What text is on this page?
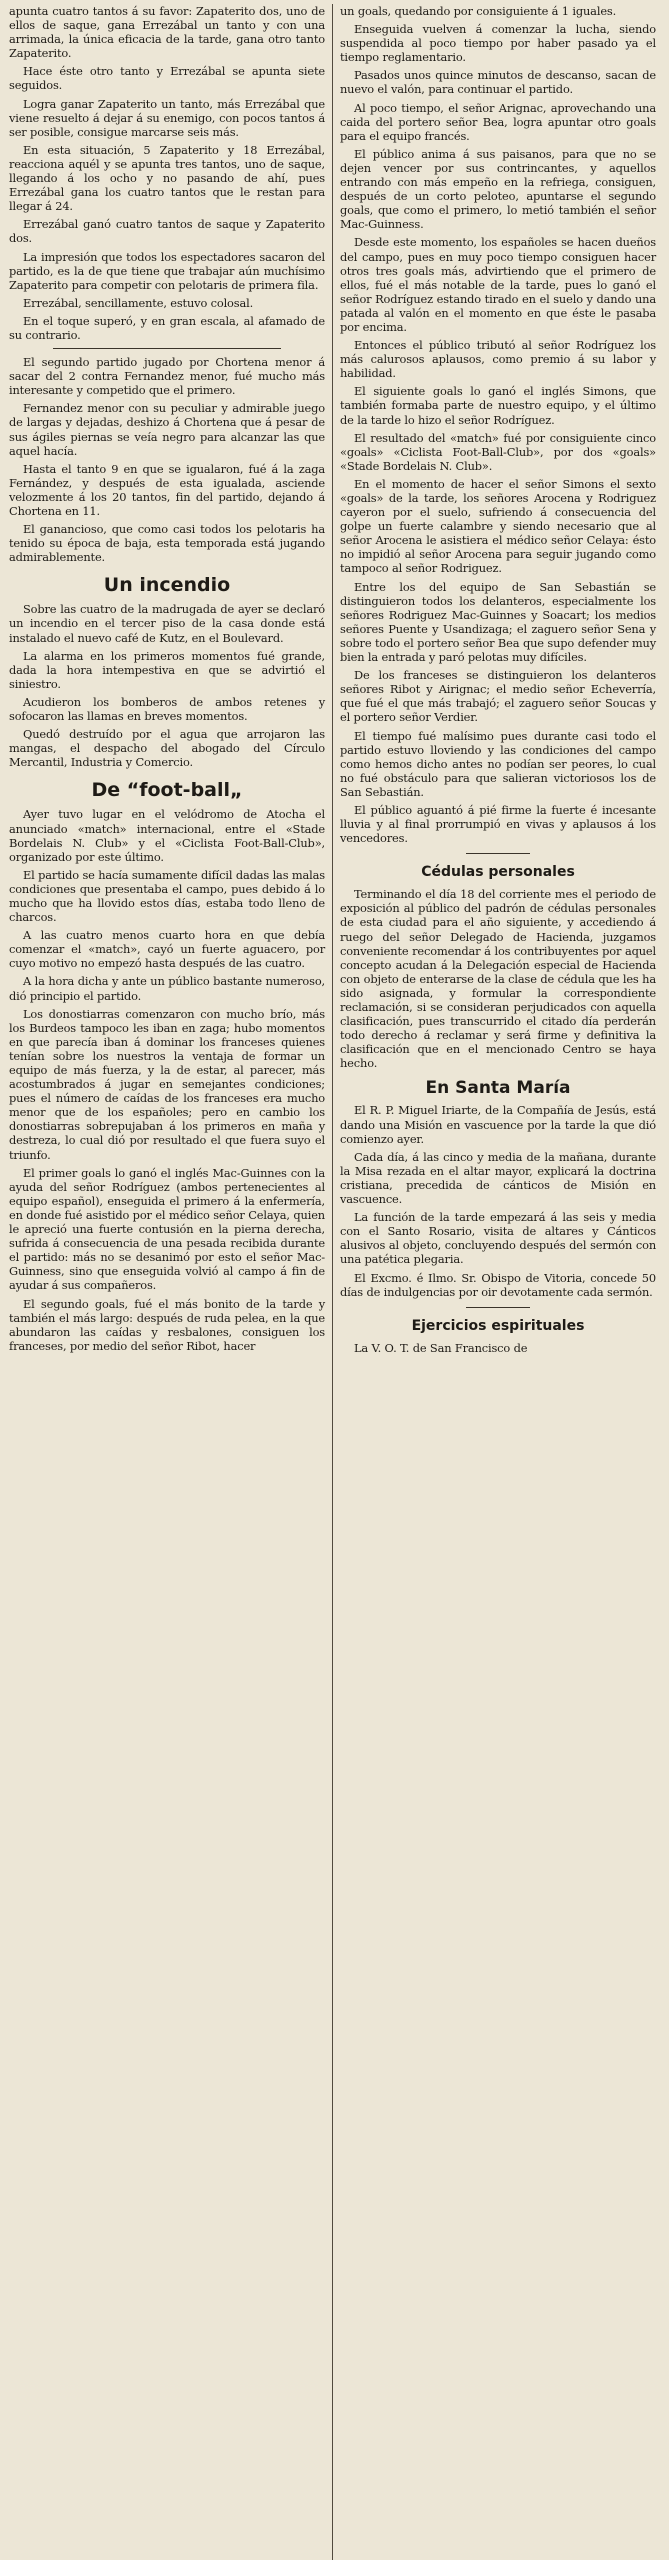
apunta cuatro tantos á su favor: Zapaterito dos, uno de ellos de saque, gana Errezábal un tanto y con una arrimada, la única eficacia de la tarde, gana otro tanto Zapaterito.

Hace éste otro tanto y Errezábal se apunta siete seguidos.

Logra ganar Zapaterito un tanto, más Errezábal que viene resuelto á dejar á su enemigo, con pocos tantos á ser posible, consigue marcarse seis más.

En esta situación, 5 Zapaterito y 18 Errezábal, reacciona aquél y se apunta tres tantos, uno de saque, llegando á los ocho y no pasando de ahí, pues Errezábal gana los cuatro tantos que le restan para llegar á 24.

Errezábal ganó cuatro tantos de saque y Zapaterito dos.

La impresión que todos los espectadores sacaron del partido, es la de que tiene que trabajar aún muchísimo Zapaterito para competir con pelotaris de primera fila.

Errezábal, sencillamente, estuvo colosal.

En el toque superó, y en gran escala, al afamado de su contrario.

El segundo partido jugado por Chortena menor á sacar del 2 contra Fernandez menor, fué mucho más interesante y competido que el primero.

Fernandez menor con su peculiar y admirable juego de largas y dejadas, deshizo á Chortena que á pesar de sus ágiles piernas se veía negro para alcanzar las que aquel hacía.

Hasta el tanto 9 en que se igualaron, fué á la zaga Fernández, y después de esta igualada, asciende velozmente á los 20 tantos, fin del partido, dejando á Chortena en 11.

El ganancioso, que como casi todos los pelotaris ha tenido su época de baja, esta temporada está jugando admirablemente.

Un incendio

Sobre las cuatro de la madrugada de ayer se declaró un incendio en el tercer piso de la casa donde está instalado el nuevo café de Kutz, en el Boulevard.

La alarma en los primeros momentos fué grande, dada la hora intempestiva en que se advirtió el siniestro.

Acudieron los bomberos de ambos retenes y sofocaron las llamas en breves momentos.

Quedó destruído por el agua que arrojaron las mangas, el despacho del abogado del Círculo Mercantil, Industria y Comercio.

De “foot-ball„

Ayer tuvo lugar en el velódromo de Atocha el anunciado «match» internacional, entre el «Stade Bordelais N. Club» y el «Ciclista Foot-Ball-Club», organizado por este último.

El partido se hacía sumamente difícil dadas las malas condiciones que presentaba el campo, pues debido á lo mucho que ha llovido estos días, estaba todo lleno de charcos.

A las cuatro menos cuarto hora en que debía comenzar el «match», cayó un fuerte aguacero, por cuyo motivo no empezó hasta después de las cuatro.

A la hora dicha y ante un público bastante numeroso, dió principio el partido.

Los donostiarras comenzaron con mucho brío, más los Burdeos tampoco les iban en zaga; hubo momentos en que parecía iban á dominar los franceses quienes tenían sobre los nuestros la ventaja de formar un equipo de más fuerza, y la de estar, al parecer, más acostumbrados á jugar en semejantes condiciones; pues el número de caídas de los franceses era mucho menor que de los españoles; pero en cambio los donostiarras sobrepujaban á los primeros en maña y destreza, lo cual dió por resultado el que fuera suyo el triunfo.

El primer goals lo ganó el inglés Mac-Guinnes con la ayuda del señor Rodríguez (ambos pertenecientes al equipo español), enseguida el primero á la enfermería, en donde fué asistido por el médico señor Celaya, quien le apreció una fuerte contusión en la pierna derecha, sufrida á consecuencia de una pesada recibida durante el partido: más no se desanimó por esto el señor Mac-Guinness, sino que enseguida volvió al campo á fin de ayudar á sus compañeros.

El segundo goals, fué el más bonito de la tarde y también el más largo: después de ruda pelea, en la que abundaron las caídas y resbalones, consiguen los franceses, por medio del señor Ribot, hacer

un goals, quedando por consiguiente á 1 iguales.

Enseguida vuelven á comenzar la lucha, siendo suspendida al poco tiempo por haber pasado ya el tiempo reglamentario.

Pasados unos quince minutos de descanso, sacan de nuevo el valón, para continuar el partido.

Al poco tiempo, el señor Arignac, aprovechando una caida del portero señor Bea, logra apuntar otro goals para el equipo francés.

El público anima á sus paisanos, para que no se dejen vencer por sus contrincantes, y aquellos entrando con más empeño en la refriega, consiguen, después de un corto peloteo, apuntarse el segundo goals, que como el primero, lo metió también el señor Mac-Guinness.

Desde este momento, los españoles se hacen dueños del campo, pues en muy poco tiempo consiguen hacer otros tres goals más, advirtiendo que el primero de ellos, fué el más notable de la tarde, pues lo ganó el señor Rodríguez estando tirado en el suelo y dando una patada al valón en el momento en que éste le pasaba por encima.

Entonces el público tributó al señor Rodríguez los más calurosos aplausos, como premio á su labor y habilidad.

El siguiente goals lo ganó el inglés Simons, que también formaba parte de nuestro equipo, y el último de la tarde lo hizo el señor Rodríguez.

El resultado del «match» fué por consiguiente cinco «goals» «Ciclista Foot-Ball-Club», por dos «goals» «Stade Bordelais N. Club».

En el momento de hacer el señor Simons el sexto «goals» de la tarde, los señores Arocena y Rodriguez cayeron por el suelo, sufriendo á consecuencia del golpe un fuerte calambre y siendo necesario que al señor Arocena le asistiera el médico señor Celaya: ésto no impidió al señor Arocena para seguir jugando como tampoco al señor Rodriguez.

Entre los del equipo de San Sebastián se distinguieron todos los delanteros, especialmente los señores Rodriguez Mac-Guinnes y Soacart; los medios señores Puente y Usandizaga; el zaguero señor Sena y sobre todo el portero señor Bea que supo defender muy bien la entrada y paró pelotas muy difíciles.

De los franceses se distinguieron los delanteros señores Ribot y Airignac; el medio señor Echeverría, que fué el que más trabajó; el zaguero señor Soucas y el portero señor Verdier.

El tiempo fué malísimo pues durante casi todo el partido estuvo lloviendo y las condiciones del campo como hemos dicho antes no podían ser peores, lo cual no fué obstáculo para que salieran victoriosos los de San Sebastián.

El público aguantó á pié firme la fuerte é incesante lluvia y al final prorrumpió en vivas y aplausos á los vencedores.

Cédulas personales

Terminando el día 18 del corriente mes el periodo de exposición al público del padrón de cédulas personales de esta ciudad para el año siguiente, y accediendo á ruego del señor Delegado de Hacienda, juzgamos conveniente recomendar á los contribuyentes por aquel concepto acudan á la Delegación especial de Hacienda con objeto de enterarse de la clase de cédula que les ha sido asignada, y formular la correspondiente reclamación, si se consideran perjudicados con aquella clasificación, pues transcurrido el citado día perderán todo derecho á reclamar y será firme y definitiva la clasificación que en el mencionado Centro se haya hecho.

En Santa María

El R. P. Miguel Iriarte, de la Compañía de Jesús, está dando una Misión en vascuence por la tarde la que dió comienzo ayer.

Cada día, á las cinco y media de la mañana, durante la Misa rezada en el altar mayor, explicará la doctrina cristiana, precedida de cánticos de Misión en vascuence.

La función de la tarde empezará á las seis y media con el Santo Rosario, visita de altares y Cánticos alusivos al objeto, concluyendo después del sermón con una patética plegaria.

El Excmo. é Ilmo. Sr. Obispo de Vitoria, concede 50 días de indulgencias por oir devotamente cada sermón.

Ejercicios espirituales

La V. O. T. de San Francisco de
